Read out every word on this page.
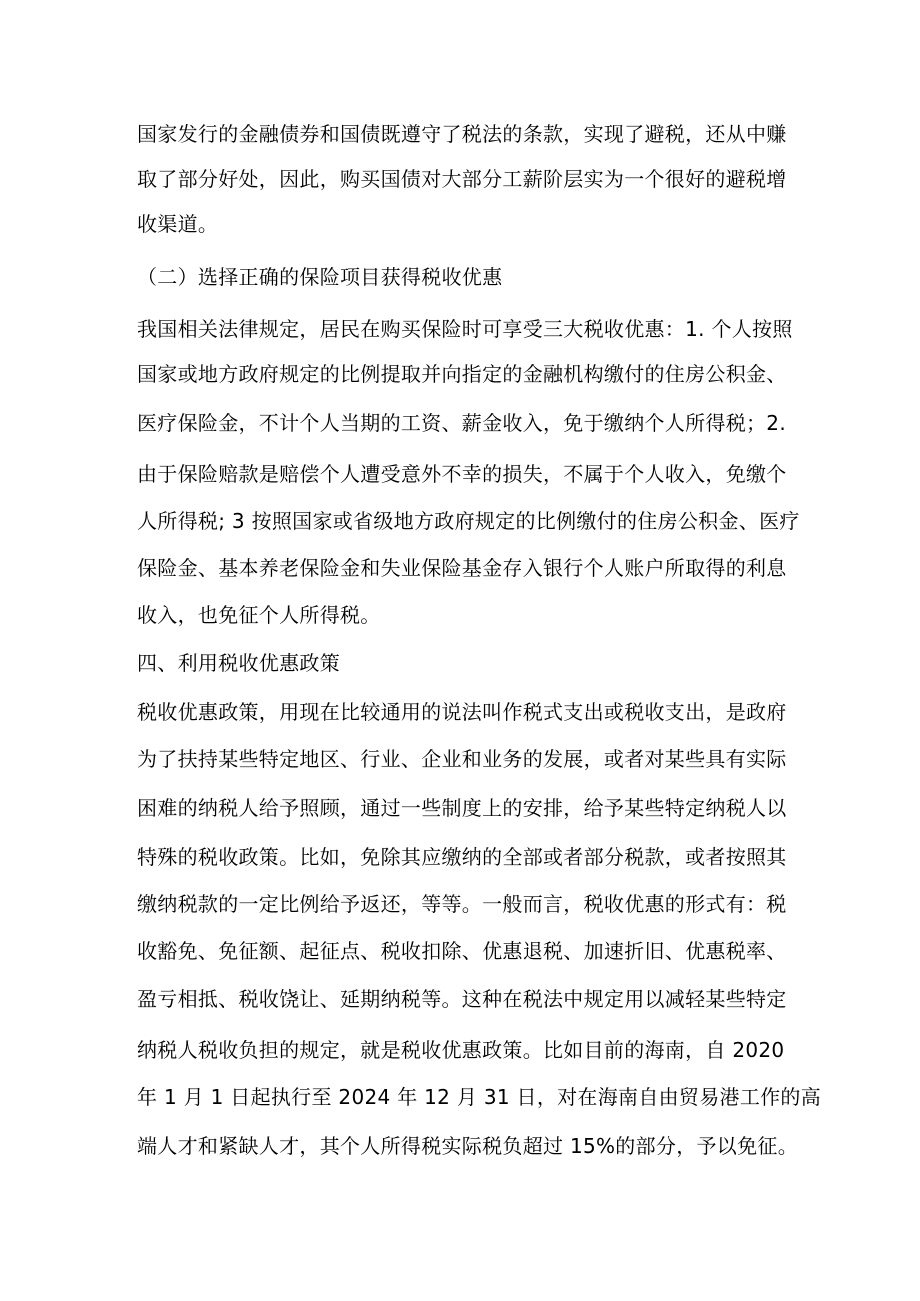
国家发行的金融债券和国债既遵守了税法的条款，实现了避税，还从中赚
取了部分好处，因此，购买国债对大部分工薪阶层实为一个很好的避税增
收渠道。
（二）选择正确的保险项目获得税收优惠
我国相关法律规定，居民在购买保险时可享受三大税收优惠：1. 个人按照
国家或地方政府规定的比例提取并向指定的金融机构缴付的住房公积金、
医疗保险金，不计个人当期的工资、薪金收入，免于缴纳个人所得税；2.
由于保险赔款是赔偿个人遭受意外不幸的损失，不属于个人收入，免缴个
人所得税; 3 按照国家或省级地方政府规定的比例缴付的住房公积金、医疗
保险金、基本养老保险金和失业保险基金存入银行个人账户所取得的利息
收入，也免征个人所得税。
四、利用税收优惠政策
税收优惠政策，用现在比较通用的说法叫作税式支出或税收支出，是政府
为了扶持某些特定地区、行业、企业和业务的发展，或者对某些具有实际
困难的纳税人给予照顾，通过一些制度上的安排，给予某些特定纳税人以
特殊的税收政策。比如，免除其应缴纳的全部或者部分税款，或者按照其
缴纳税款的一定比例给予返还，等等。一般而言，税收优惠的形式有：税
收豁免、免征额、起征点、税收扣除、优惠退税、加速折旧、优惠税率、
盈亏相抵、税收饶让、延期纳税等。这种在税法中规定用以减轻某些特定
纳税人税收负担的规定，就是税收优惠政策。比如目前的海南，自 2020
年 1 月 1 日起执行至 2024 年 12 月 31 日，对在海南自由贸易港工作的高
端人才和紧缺人才，其个人所得税实际税负超过 15%的部分，予以免征。
